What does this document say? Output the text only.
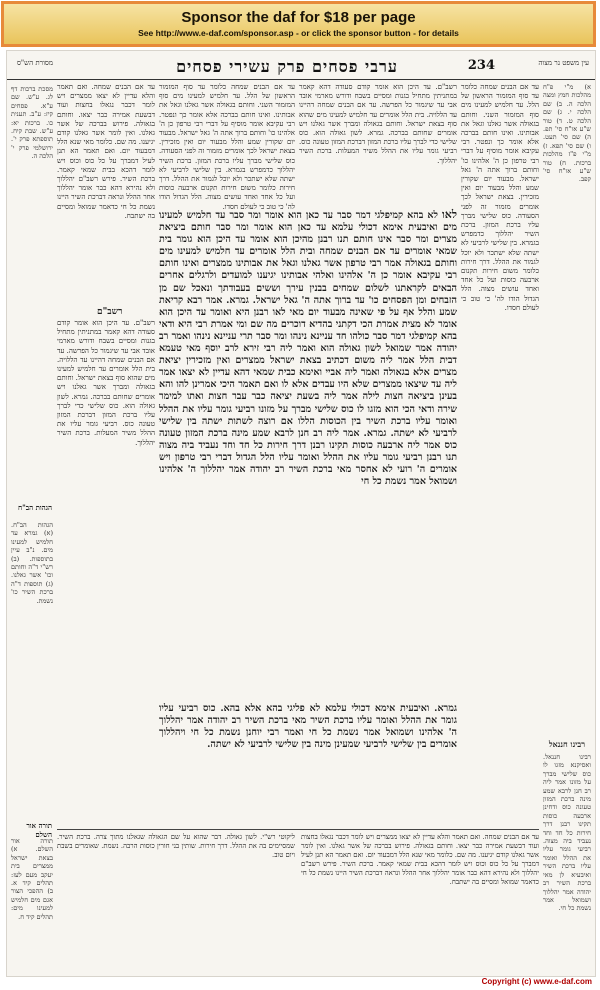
Sponsor the daf for $18 per page
See http://www.e-daf.com/sponsor.asp - or click the sponsor button - for details
מסורת הש"ס	ערבי פסחים פרק עשירי פסחים	234	עין משפט נר מצוה
מסכת ברכות דף לג. ע"ש. שם ע"א. פסחים קיז: ע"ב. תענית כו. ברכות יא: ע"ש. שבת קיח. תוספתא פרק י'. ירושלמי פרק י' הלכה ה.
הגהות הב"ח
הגהות הב"ח. (א) גמרא עד חלמיש למעינו מים. נ"ב עיין בתוספות. (ב) רש"י ד"ה וחותם וכו' אשר גאלנו. (ג) תוספות ד"ה ברכת השיר כו' נשמת.
תורה אור השלם
תורה אור השלם. א) בצאת ישראל ממצרים בית יעקב מעם לעז: תהלים קיד א. ב) ההפכי הצור אגם מים חלמיש למעינו מים: תהלים קיד ח.
עד אם הבנים שמחה. ואם תאמר והלא עדיין לא יצאו ממצרים ויש לומר דכבר נגאלו בחצות ועוד דבשעת אמירה כבר יצאו. וחותם בגאולה. פירוש בברכה של אשר גאלנו. ואין לומר אשר גאלנו קודם יגיענו. מה שם. כלומר מאי שנא הלל דמבעוד יום. ואם תאמר הא תנן לעיל דמברך על כל כוס וכוס ויש לומר דהכא בבית שמאי קאמר. ברכת השיר. פירש רשב"ם יהללוך ולא נהירא דהא כבר אומר יהללוך אחר ההלל ונראה דברכת השיר היינו נשמת כל חי כדאמר שמואל ומסיים בה ישתבח.
רשב"ם
רשב"ם. עד היכן הוא אומר קודם סעודה דהא קאמר במתניתין מתחיל בגנות ומסיים בשבח ודורש מארמי אובד אבי עד שיגמור כל הפרשה. עד אם הבנים שמחה דהיינו עד הללויה. בית הלל אומרים עד חלמיש למעינו מים שהוא סוף בצאת ישראל. וחותם בגאולה ומברך אשר גאלנו ויש אומרים שחותם בברכה. גמרא. לשון גאולה הוא. כוס שלישי כדי לברך עליו ברכת המזון דברכת המזון טעונה כוס. רביעי גומר עליו את ההלל משיר המעלות. ברכת השיר יהללוך.
עד אם הבנים שמחה כלומר עד סוף המזמור הראשון של הלל. עד חלמיש למעינו מים סוף המזמור השני. וחותם בגאולה אשר גאלנו וגאל את אבותינו. ואינו חותם בברכה אלא אומר כך ונפטר. רבי עקיבא אומר מוסיף על דברי רבי טרפון כן ה' אלהינו כו' וחותם ברוך אתה ה' גאל ישראל. מבעוד יום שקורין שמע והלל מבעוד יום ואין מזכירין. בצאת ישראל לכך אומרים מזמור זה לפני הסעודה. כוס שלישי מברך עליו ברכת המזון. ברכת השיר יהללוך כדמפרש בגמרא. בין שלישי לרביעי לא ישתה שלא ישתכר ולא יוכל לגמור את ההלל. דרך חירות כלומר משום חירות תקנום ארבעה כוסות ועל כל אחד ואחד עושים מצוה. הלל הגדול הודו לה' כי טוב כי לעולם חסדו.
לאו לא בהא קמיפלגי דמר סבר עד כאן הוא אומר ומר סבר עד חלמיש למעינו מים ואיבעית אימא דכולי עלמא עד כאן הוא אומר ומר סבר חותם ביציאת מצרים ומר סבר אינו חותם תנו רבנן מהיכן הוא אומר עד היכן הוא גומר בית שמאי אומרים עד אם הבנים שמחה ובית הלל אומרים עד חלמיש למעינו מים וחותם בגאולה אמר רבי טרפון אשר גאלנו וגאל את אבותינו ממצרים ואינו חותם רבי עקיבא אומר כן ה' אלהינו ואלהי אבותינו יגיענו למועדים ולרגלים אחרים הבאים לקראתנו לשלום שמחים בבנין עירך וששים בעבודתך ונאכל שם מן הזבחים ומן הפסחים כו' עד ברוך אתה ה' גאל ישראל. גמרא. אמר רבא קריאת שמע והלל אף על פי שאינה מבעוד יום מאי לאו רבנן היא ואומר עד היכן הוא אומר לא מצית אמרת הכי דקתני בהדיא דוכרים מה שם ומי אמרת רבי היא ודאי בהא קמיפלגי דמר סבר כולהו חד עניינא נינהו ומר סבר תרי עניינא נינהו ואמר רב יהודה אמר שמואל לשון גאולה הוא ואמר ליה רבי זירא לרב יוסף מאי טעמא דבית הלל אמר ליה משום דכתיב בצאת ישראל ממצרים ואין מזכירין יציאת מצרים אלא בגאולה ואמר ליה אביי ואימא כבית שמאי דהא עדיין לא יצאו אמר ליה עד שיצאו ממצרים שלא היו עבדים אלא לו ואם תאמר היכי אמרינן להו והא בעינן ביציאה חצות לילה אמר ליה בשעת יציאה כבר עבר חצות ואתו למימר שירה ודאי הכי הוא מזגו לו כוס שלישי מברך על מזונו רביעי גומר עליו את ההלל ואומר עליו ברכת השיר בין הכוסות הללו אם רוצה לשתות ישתה בין שלישי לרביעי לא ישתה. גמרא. אמר ליה רב חנן לרבא שמע מינה ברכת המזון טעונה כוס אמר ליה ארבעה כוסות תקינו רבנן דרך חירות כל חד וחד נעביד ביה מצוה תנו רבנן רביעי גומר עליו את ההלל ואומר עליו הלל הגדול דברי רבי טרפון ויש אומרים ה' רועי לא אחסר מאי ברכת השיר רב יהודה אמר יהללוך ה' אלהינו ושמואל אמר נשמת כל חי
גמרא. ואיבעית אימא דכולי עלמא לא פליגי בהא אלא בהא. כוס רביעי עליו גומר את ההלל ואומר עליו ברכת השיר מאי ברכת השיר רב יהודה אמר יהללוך ה' אלהינו ושמואל אמר נשמת כל חי ואמר רבי יוחנן נשמת כל חי ויהללוך אומרים בין שלישי לרביעי שמעינן מינה בין שלישי לרביעי לא ישתה.
רשב"ם. עד היכן הוא אומר קודם סעודה דהא קאמר במתניתין מתחיל בגנות ומסיים בשבח ודורש מארמי אובד אבי עד שיגמור כל הפרשה. עד אם הבנים שמחה דהיינו עד הללויה. בית הלל אומרים עד חלמיש למעינו מים שהוא סוף בצאת ישראל. וחותם בגאולה ומברך אשר גאלנו ויש אומרים שחותם בברכה. גמרא. לשון גאולה הוא. כוס שלישי כדי לברך עליו ברכת המזון דברכת המזון טעונה כוס. רביעי גומר עליו את ההלל משיר המעלות. ברכת השיר יהללוך.
עד אם הבנים שמחה כלומר עד סוף המזמור הראשון של הלל. עד חלמיש למעינו מים סוף המזמור השני. וחותם בגאולה אשר גאלנו וגאל את אבותינו. ואינו חותם בברכה אלא אומר כך ונפטר. רבי עקיבא אומר מוסיף על דברי רבי טרפון כן ה' אלהינו כו' וחותם ברוך אתה ה' גאל ישראל. מבעוד יום שקורין שמע והלל מבעוד יום ואין מזכירין. בצאת ישראל לכך אומרים מזמור זה לפני הסעודה. כוס שלישי מברך עליו ברכת המזון. ברכת השיר יהללוך כדמפרש בגמרא. בין שלישי לרביעי לא ישתה שלא ישתכר ולא יוכל לגמור את ההלל. דרך חירות כלומר משום חירות תקנום ארבעה כוסות ועל כל אחד ואחד עושים מצוה. הלל הגדול הודו לה' כי טוב כי לעולם חסדו.
א) מ"י פ"ח מהלכות חמץ ומצה הלכה ה. ב) שם הלכה י. ג) שם הלכה ט. ד) טור ש"ע או"ח סי' תפ. ה) שם סי' תעט. ו) שם סי' תפא. ז) מ"י פ"ז מהלכות ברכות. ח) טור ש"ע או"ח סי' קפב.
רבינו חננאל
רבינו חננאל. ואסיקנא מזגו לו כוס שלישי מברך על מזונו אמר ליה רב חנן לרבא שמע מינה ברכת המזון טעונה כוס ודחינן ארבעה כוסות תקינו רבנן דרך חירות כל חד וחד נעביד ביה מצוה. רביעי גומר עליו את ההלל ואומר עליו ברכת השיר ואיבעיא לן מאי ברכת השיר רב יהודה אמר יהללוך ושמואל אמר נשמת כל חי.
ליקוטי רש"י. לשון גאולה. דבר שהוא על שם הגאולה שגאלנו מתוך צרה. ברכת השיר. שמסיימים בה את ההלל. דרך חירות. שותין בני חורין כוסות הרבה. נשמת. שאומרים בשבת ויום טוב.
עד אם הבנים שמחה. ואם תאמר והלא עדיין לא יצאו ממצרים ויש לומר דכבר נגאלו בחצות ועוד דבשעת אמירה כבר יצאו. וחותם בגאולה. פירוש בברכה של אשר גאלנו. ואין לומר אשר גאלנו קודם יגיענו. מה שם. כלומר מאי שנא הלל דמבעוד יום. ואם תאמר הא תנן לעיל דמברך על כל כוס וכוס ויש לומר דהכא בבית שמאי קאמר. ברכת השיר. פירש רשב"ם יהללוך ולא נהירא דהא כבר אומר יהללוך אחר ההלל ונראה דברכת השיר היינו נשמת כל חי כדאמר שמואל ומסיים בה ישתבח.
Copyright (c) www.e-daf.com
